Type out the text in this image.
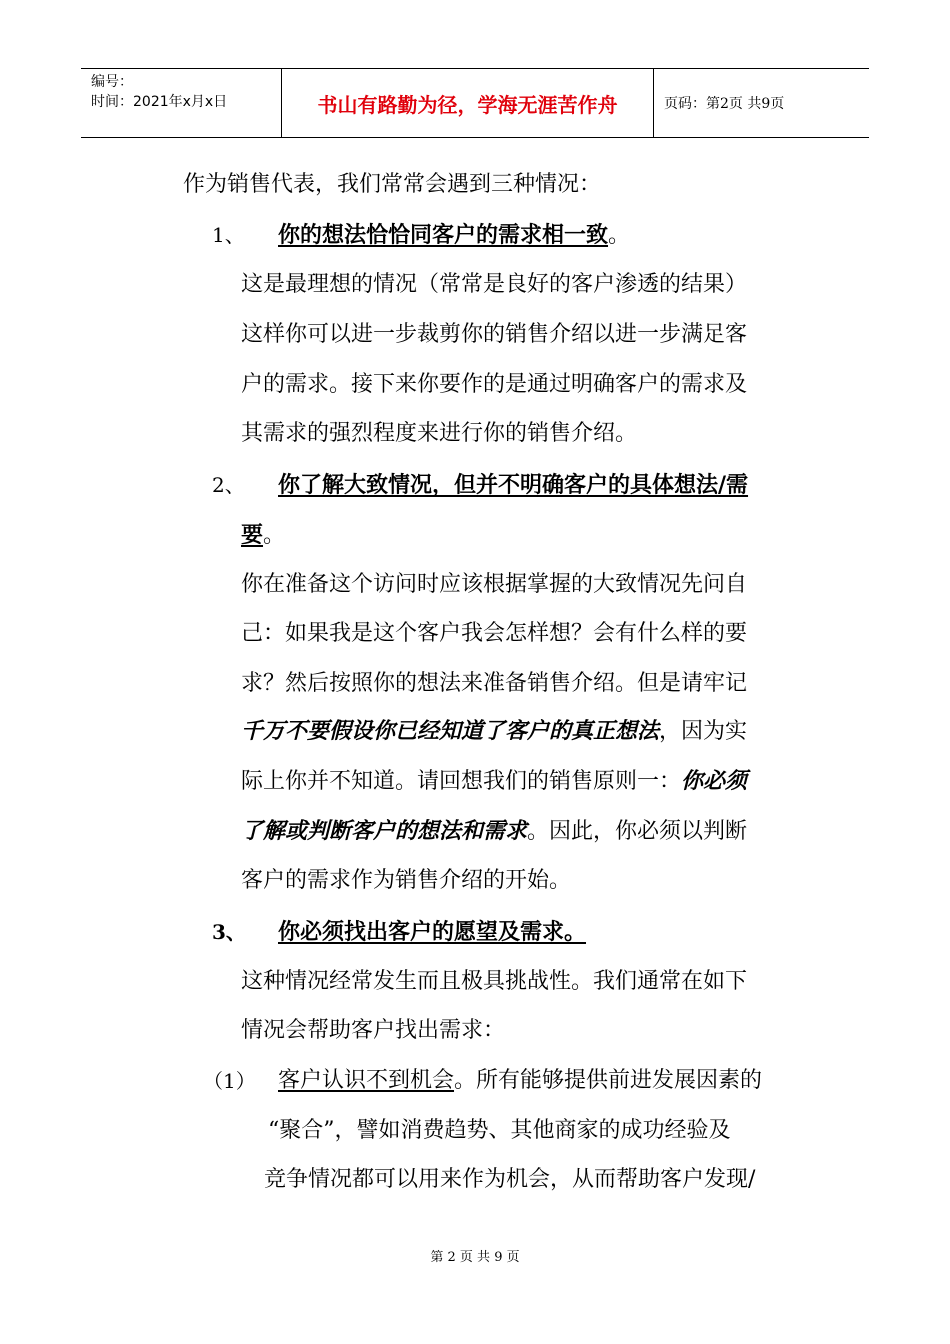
编号：
时间：2021年x月x日	书山有路勤为径，学海无涯苦作舟	页码：第2页 共9页
作为销售代表，我们常常会遇到三种情况：
1、 你的想法恰恰同客户的需求相一致。
这是最理想的情况（常常是良好的客户渗透的结果）
这样你可以进一步裁剪你的销售介绍以进一步满足客
户的需求。接下来你要作的是通过明确客户的需求及
其需求的强烈程度来进行你的销售介绍。
2、 你了解大致情况，但并不明确客户的具体想法/需
要。
你在准备这个访问时应该根据掌握的大致情况先问自
己：如果我是这个客户我会怎样想？会有什么样的要
求？然后按照你的想法来准备销售介绍。但是请牢记
千万不要假设你已经知道了客户的真正想法，因为实
际上你并不知道。请回想我们的销售原则一：你必须
了解或判断客户的想法和需求。因此，你必须以判断
客户的需求作为销售介绍的开始。
3、 你必须找出客户的愿望及需求。
这种情况经常发生而且极具挑战性。我们通常在如下
情况会帮助客户找出需求：
（1） 客户认识不到机会。所有能够提供前进发展因素的
“聚合”，譬如消费趋势、其他商家的成功经验及
竞争情况都可以用来作为机会，从而帮助客户发现/
第 2 页 共 9 页
